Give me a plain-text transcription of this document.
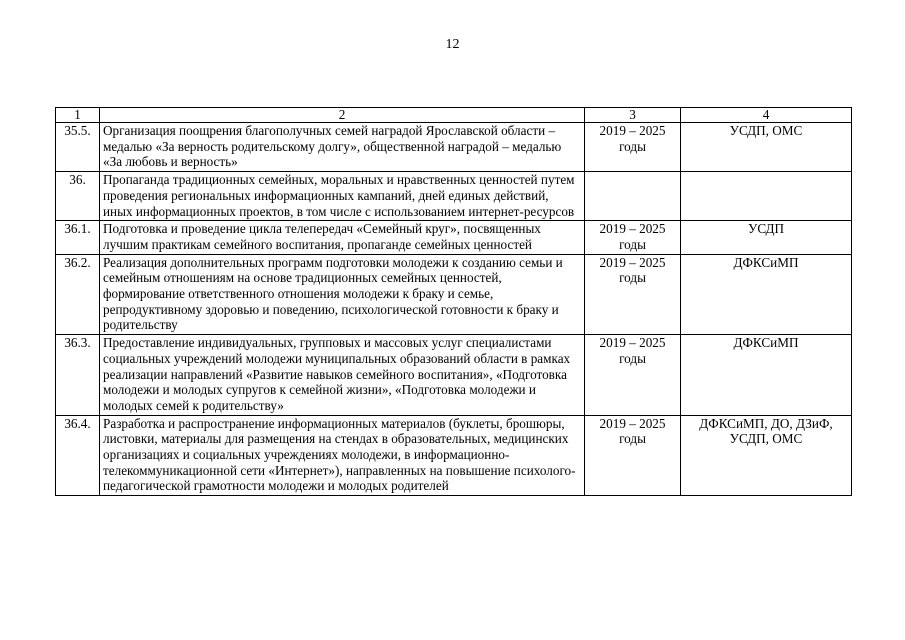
12
1	2	3	4
35.5.	Организация поощрения благополучных семей наградой Ярославской области – медалью «За верность родительскому долгу», общественной наградой – медалью «За любовь и верность»	2019 – 2025 годы	УСДП, ОМС
36.	Пропаганда традиционных семейных, моральных и нравственных ценностей путем проведения региональных информационных кампаний, дней единых действий, иных информационных проектов, в том числе с использованием интернет-ресурсов		
36.1.	Подготовка и проведение цикла телепередач «Семейный круг», посвященных лучшим практикам семейного воспитания, пропаганде семейных ценностей	2019 – 2025 годы	УСДП
36.2.	Реализация дополнительных программ подготовки молодежи к созданию семьи и семейным отношениям на основе традиционных семейных ценностей, формирование ответственного отношения молодежи к браку и семье, репродуктивному здоровью и поведению, психологической готовности к браку и родительству	2019 – 2025 годы	ДФКСиМП
36.3.	Предоставление индивидуальных, групповых и массовых услуг специалистами социальных учреждений молодежи муниципальных образований области в рамках реализации направлений «Развитие навыков семейного воспитания», «Подготовка молодежи и молодых супругов к семейной жизни», «Подготовка молодежи и молодых семей к родительству»	2019 – 2025 годы	ДФКСиМП
36.4.	Разработка и распространение информационных материалов (буклеты, брошюры, листовки, материалы для размещения на стендах в образовательных, медицинских организациях и социальных учреждениях молодежи, в информационно-телекоммуникационной сети «Интернет»), направленных на повышение психолого-педагогической грамотности молодежи и молодых родителей	2019 – 2025 годы	ДФКСиМП, ДО, ДЗиФ, УСДП, ОМС
